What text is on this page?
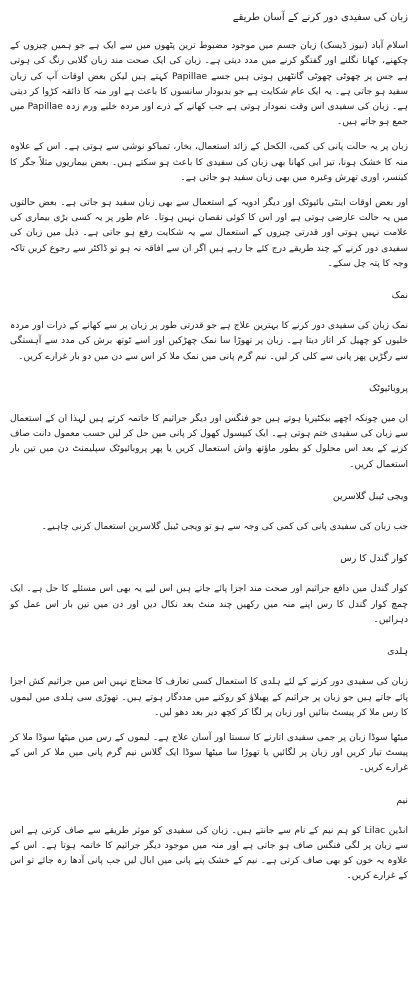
زبان کی سفیدی دور کرنے کے آسان طریقے

اسلام آباد (نیوز ڈیسک) زبان جسم میں موجود مضبوط ترین پٹھوں میں سے ایک ہے جو ہمیں چیزوں کے چکھنے، کھانا نگلنے اور گفتگو کرنے میں مدد دیتی ہے۔ زبان کی ایک صحت مند زبان گلابی رنگ کی ہوتی ہے جس پر چھوٹی چھوٹی گانٹھیں ہوتی ہیں جسے Papillae کہتے ہیں لیکن بعض اوقات آپ کی زبان سفید ہو جاتی ہے۔ یہ ایک عام شکایت ہے جو بدبودار سانسوں کا باعث ہے اور منہ کا ذائقہ کڑوا کر دیتی ہے۔ زبان کی سفیدی اس وقت نمودار ہوتی ہے جب کھانے کے ذرے اور مردہ خلیے ورم زدہ Papillae میں جمع ہو جاتے ہیں۔

زبان پر یہ حالت پانی کی کمی، الکحل کے زائد استعمال، بخار، تمباکو نوشی سے ہوتی ہے۔ اس کے علاوہ منہ کا خشک ہونا، تیز ابی کھانا بھی زبان کی سفیدی کا باعث ہو سکتے ہیں۔ بعض بیماریوں مثلاً جگر کا کینسر، اوری تھرش وغیرہ میں بھی زبان سفید ہو جاتی ہے۔

اور بعض اوقات اینٹی بائیوٹک اور دیگر ادویہ کے استعمال سے بھی زبان سفید ہو جاتی ہے۔ بعض حالتوں میں یہ حالت عارضی ہوتی ہے اور اس کا کوئی نقصان نہیں ہوتا۔ عام طور پر یہ کسی بڑی بیماری کی علامت نہیں ہوتی اور قدرتی چیزوں کے استعمال سے یہ شکایت رفع ہو جاتی ہے۔ ذیل میں زبان کی سفیدی دور کرنے کے چند طریقے درج کئے جا رہے ہیں اگر ان سے افاقہ نہ ہو تو ڈاکٹر سے رجوع کریں تاکہ وجہ کا پتہ چل سکے۔

نمک

نمک زبان کی سفیدی دور کرنے کا بہترین علاج ہے جو قدرتی طور پر زبان پر سے کھانے کے ذرات اور مردہ خلیوں کو چھیل کر اتار دیتا ہے۔ زبان پر تھوڑا سا نمک چھڑکیں اور اسے ٹوتھ برش کی مدد سے آہستگی سے رگڑیں پھر پانی سے کلی کر لیں۔ نیم گرم پانی میں نمک ملا کر اس سے دن میں دو بار غرارے کریں۔

پروبائیوٹک

ان میں چونکہ اچھے بیکٹیریا ہوتے ہیں جو فنگس اور دیگر جراثیم کا خاتمہ کرتے ہیں لہذا ان کے استعمال سے زبان کی سفیدی ختم ہوتی ہے۔ ایک کیپسول کھول کر پانی میں حل کر لیں حسب معمول دانت صاف کرنے کے بعد اس محلول کو بطور ماؤتھ واش استعمال کریں یا پھر پروبائیوٹک سپلیمنٹ دن میں تین بار استعمال کریں۔

ویجی ٹیبل گلاسرین

جب زبان کی سفیدی پانی کی کمی کی وجہ سے ہو تو ویجی ٹیبل گلاسرین استعمال کرنی چاہیے۔

کوار گندل کا رس

کوار گندل میں دافع جراثیم اور صحت مند اجزا پائے جاتے ہیں اس لیے یہ بھی اس مسئلے کا حل ہے۔ ایک چمچ کوار گندل کا رس اپنے منہ میں رکھیں چند منٹ بعد نکال دیں اور دن میں تین بار اس عمل کو دہرائیں۔

ہلدی

زبان کی سفیدی دور کرنے کے لئے ہلدی کا استعمال کسی تعارف کا محتاج نہیں اس میں جراثیم کش اجزا پائے جاتے ہیں جو زبان پر جراثیم کے پھیلاؤ کو روکنے میں مددگار ہوتے ہیں۔ تھوڑی سی ہلدی میں لیموں کا رس ملا کر پیسٹ بنائیں اور زبان پر لگا کر کچھ دیر بعد دھو لیں۔

میٹھا سوڈا زبان پر جمی سفیدی اتارنے کا سستا اور آسان علاج ہے۔ لیموں کے رس میں میٹھا سوڈا ملا کر پیسٹ تیار کریں اور زبان پر لگائیں یا تھوڑا سا میٹھا سوڈا ایک گلاس نیم گرم پانی میں ملا کر اس کے غرارے کریں۔

نیم

انڈین Lilac کو ہم نیم کے نام سے جانتے ہیں۔ زبان کی سفیدی کو موثر طریقے سے صاف کرتی ہے اس سے زبان پر لگی فنگس صاف ہو جاتی ہے اور منہ میں موجود دیگر جراثیم کا خاتمہ ہوتا ہے۔ اس کے علاوہ یہ خون کو بھی صاف کرتی ہے۔ نیم کے خشک پتے پانی میں ابال لیں جب پانی آدھا رہ جائے تو اس کے غرارے کریں۔
